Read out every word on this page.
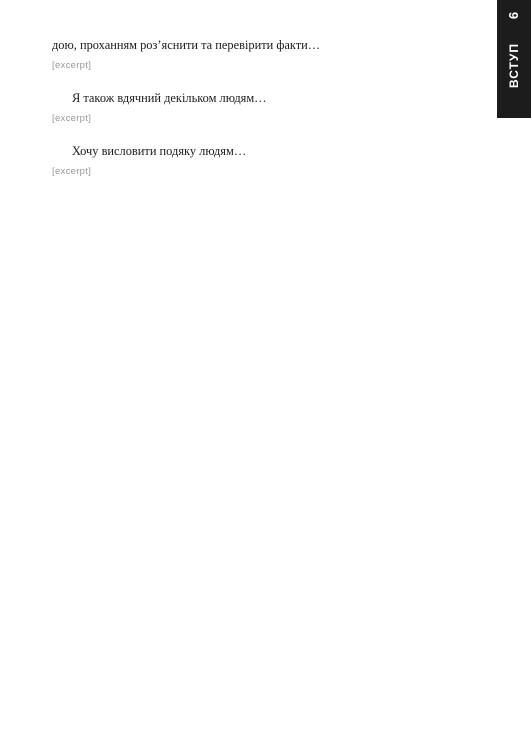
9
ВСТУП

дою, проханням роз’яснити та перевірити факти…

[excerpt]

Я також вдячний декільком людям…

[excerpt]

Хочу висловити подяку людям…

[excerpt]
